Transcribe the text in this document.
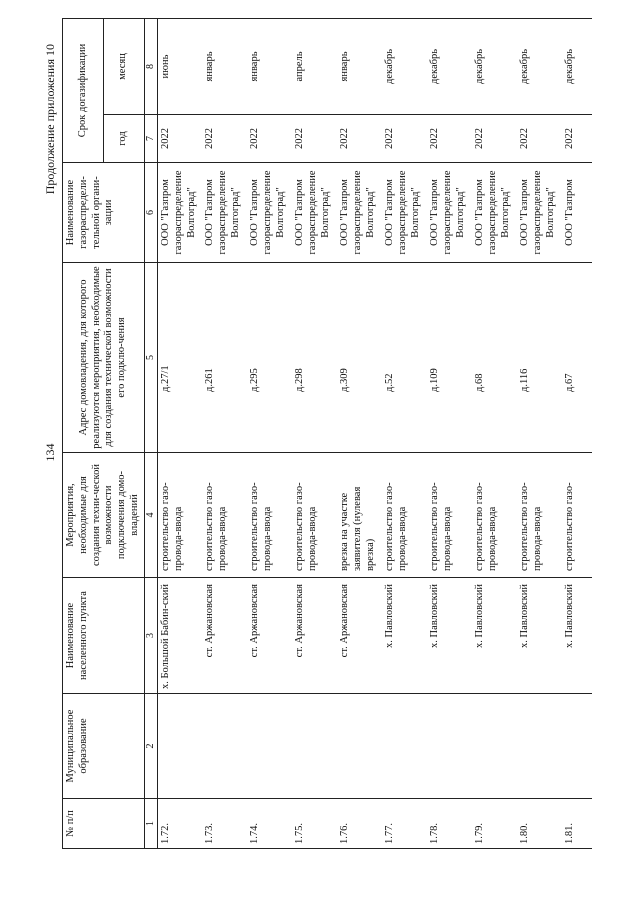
134
Продолжение приложения 10
№ п/п	Муниципальное образование	Наименование населенного пункта	Мероприятия, необходимые для создания техни-ческой возможности подключения домо-владений	Адрес домовладения, для которого реализуются мероприятия, необходимые для создания технической возможности его подклю-чения	Наименование газораспредели-тельной органи-зации	Срок догазификации	
						год	месяц
1	2	3	4	5	6	7	8
1.72.		х. Большой Бабин-ский	строительство газо-провода-ввода	д.27/1	ООО "Газпром газораспределение Волгоград"	2022	июнь
1.73.		ст. Аржановская	строительство газо-провода-ввода	д.261	ООО "Газпром газораспределение Волгоград"	2022	январь
1.74.		ст. Аржановская	строительство газо-провода-ввода	д.295	ООО "Газпром газораспределение Волгоград"	2022	январь
1.75.		ст. Аржановская	строительство газо-провода-ввода	д.298	ООО "Газпром газораспределение Волгоград"	2022	апрель
1.76.		ст. Аржановская	врезка на участке заявителя (нулевая врезка)	д.309	ООО "Газпром газораспределение Волгоград"	2022	январь
1.77.		х. Павловский	строительство газо-провода-ввода	д.52	ООО "Газпром газораспределение Волгоград"	2022	декабрь
1.78.		х. Павловский	строительство газо-провода-ввода	д.109	ООО "Газпром газораспределение Волгоград"	2022	декабрь
1.79.		х. Павловский	строительство газо-провода-ввода	д.68	ООО "Газпром газораспределение Волгоград"	2022	декабрь
1.80.		х. Павловский	строительство газо-провода-ввода	д.116	ООО "Газпром газораспределение Волгоград"	2022	декабрь
1.81.		х. Павловский	строительство газо-	д.67	ООО "Газпром	2022	декабрь
